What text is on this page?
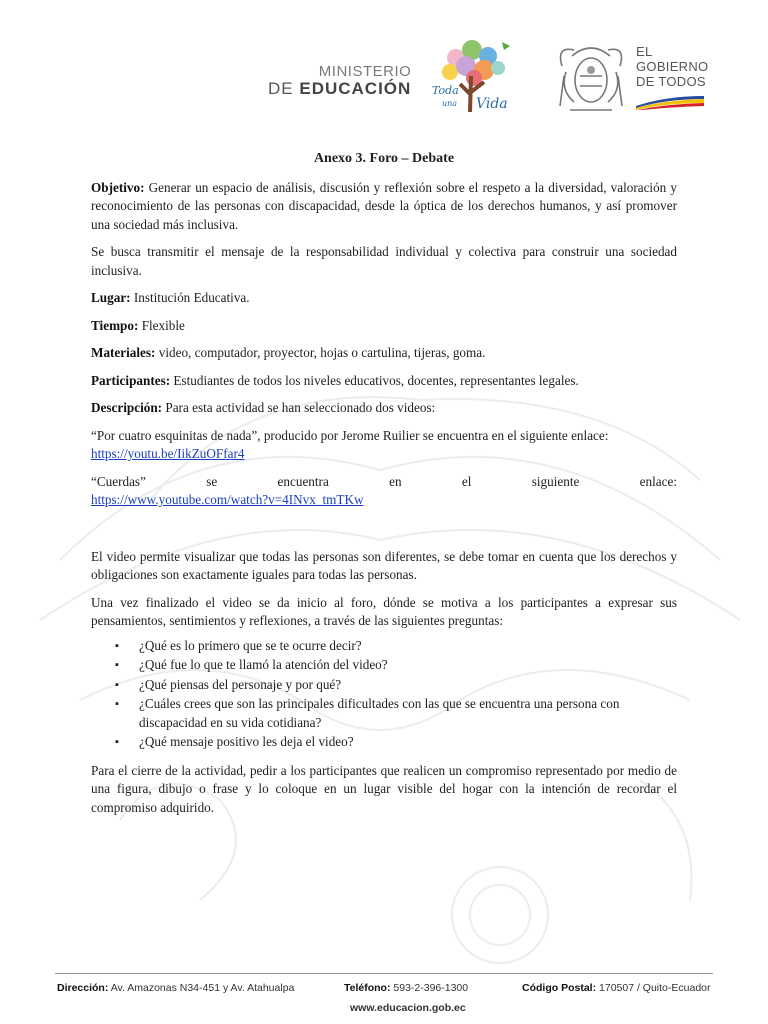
MINISTERIO
DE EDUCACIÓN Toda
una Vida
EL
GOBIERNO
DE TODOS
Anexo 3. Foro – Debate

Objetivo: Generar un espacio de análisis, discusión y reflexión sobre el respeto a la diversidad, valoración y reconocimiento de las personas con discapacidad, desde la óptica de los derechos humanos, y así promover una sociedad más inclusiva.

Se busca transmitir el mensaje de la responsabilidad individual y colectiva para construir una sociedad inclusiva.

Lugar: Institución Educativa.

Tiempo: Flexible

Materiales: video, computador, proyector, hojas o cartulina, tijeras, goma.

Participantes: Estudiantes de todos los niveles educativos, docentes, representantes legales.

Descripción: Para esta actividad se han seleccionado dos videos:

“Por cuatro esquinitas de nada”, producido por Jerome Ruilier se encuentra en el siguiente enlace:
https://youtu.be/IikZuOFfar4

“Cuerdas”	se	encuentra	en	el	siguiente	enlace:
https://www.youtube.com/watch?v=4INvx_tmTKw

El video permite visualizar que todas las personas son diferentes, se debe tomar en cuenta que los derechos y obligaciones son exactamente iguales para todas las personas.

Una vez finalizado el video se da inicio al foro, dónde se motiva a los participantes a expresar sus pensamientos, sentimientos y reflexiones, a través de las siguientes preguntas:

▪ ¿Qué es lo primero que se te ocurre decir?
▪ ¿Qué fue lo que te llamó la atención del video?
▪ ¿Qué piensas del personaje y por qué?
▪ ¿Cuáles crees que son las principales dificultades con las que se encuentra una persona con discapacidad en su vida cotidiana?
▪ ¿Qué mensaje positivo les deja el video?

Para el cierre de la actividad, pedir a los participantes que realicen un compromiso representado por medio de una figura, dibujo o frase y lo coloque en un lugar visible del hogar con la intención de recordar el compromiso adquirido.

Dirección: Av. Amazonas N34-451 y Av. Atahualpa	Teléfono: 593-2-396-1300	Código Postal: 170507 / Quito-Ecuador
www.educacion.gob.ec
